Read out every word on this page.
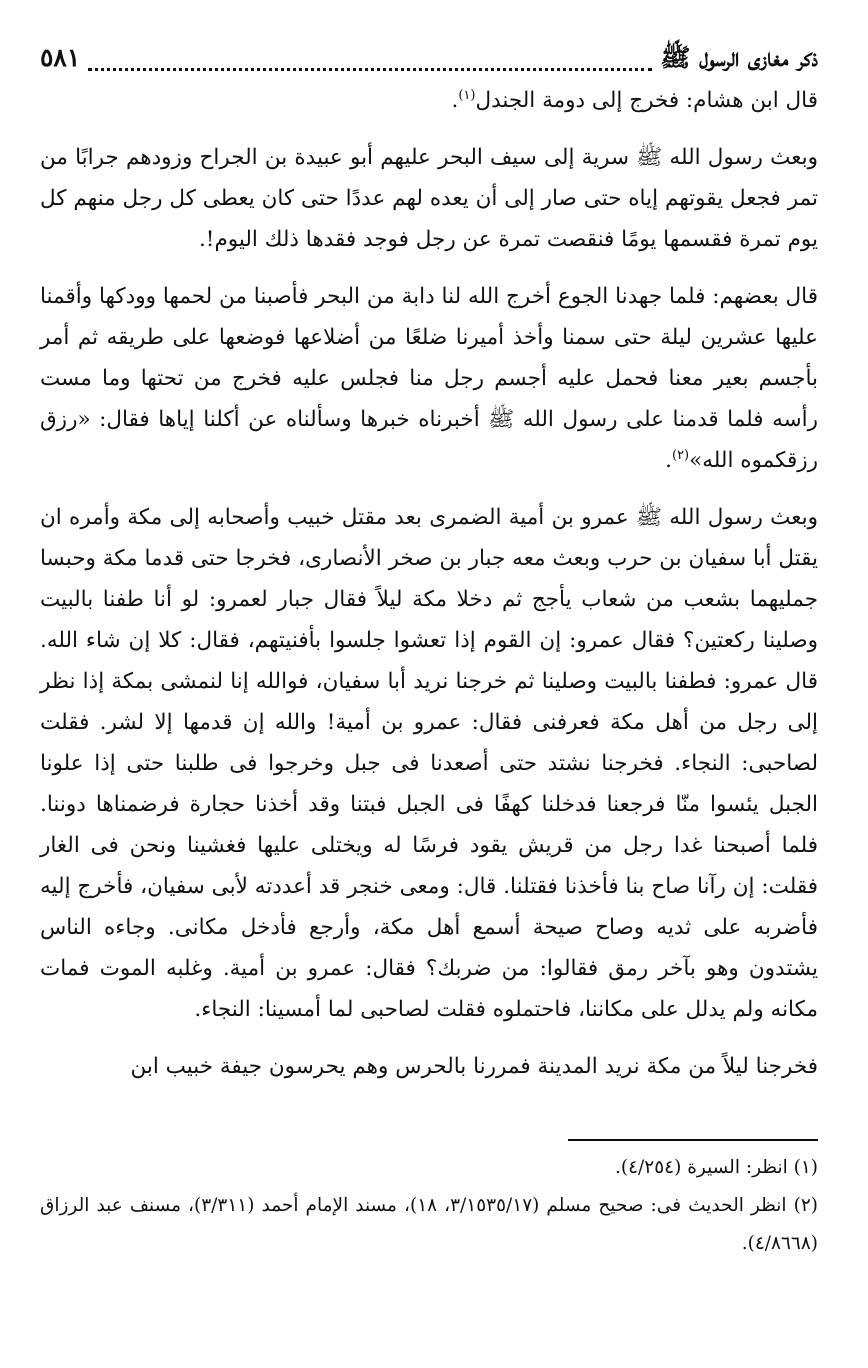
ذكر مغازى الرسول ﷺ
٥٨١

قال ابن هشام: فخرج إلى دومة الجندل$^{(١)}$.

وبعث رسول الله ﷺ سرية إلى سيف البحر عليهم أبو عبيدة بن الجراح وزودهم جرابًا من تمر فجعل يقوتهم إياه حتى صار إلى أن يعده لهم عددًا حتى كان يعطى كل رجل منهم كل يوم تمرة فقسمها يومًا فنقصت تمرة عن رجل فوجد فقدها ذلك اليوم!.

قال بعضهم: فلما جهدنا الجوع أخرج الله لنا دابة من البحر فأصبنا من لحمها وودكها وأقمنا عليها عشرين ليلة حتى سمنا وأخذ أميرنا ضلعًا من أضلاعها فوضعها على طريقه ثم أمر بأجسم بعير معنا فحمل عليه أجسم رجل منا فجلس عليه فخرج من تحتها وما مست رأسه فلما قدمنا على رسول الله ﷺ أخبرناه خبرها وسألناه عن أكلنا إياها فقال: «رزق رزقكموه الله»$^{(٢)}$.

وبعث رسول الله ﷺ عمرو بن أمية الضمرى بعد مقتل خبيب وأصحابه إلى مكة وأمره ان يقتل أبا سفيان بن حرب وبعث معه جبار بن صخر الأنصارى، فخرجا حتى قدما مكة وحبسا جمليهما بشعب من شعاب يأجج ثم دخلا مكة ليلاً فقال جبار لعمرو: لو أنا طفنا بالبيت وصلينا ركعتين؟ فقال عمرو: إن القوم إذا تعشوا جلسوا بأفنيتهم، فقال: كلا إن شاء الله. قال عمرو: فطفنا بالبيت وصلينا ثم خرجنا نريد أبا سفيان، فوالله إنا لنمشى بمكة إذا نظر إلى رجل من أهل مكة فعرفنى فقال: عمرو بن أمية! والله إن قدمها إلا لشر. فقلت لصاحبى: النجاء. فخرجنا نشتد حتى أصعدنا فى جبل وخرجوا فى طلبنا حتى إذا علونا الجبل يئسوا منّا فرجعنا فدخلنا كهفًا فى الجبل فبتنا وقد أخذنا حجارة فرضمناها دوننا. فلما أصبحنا غدا رجل من قريش يقود فرسًا له ويختلى عليها فغشينا ونحن فى الغار فقلت: إن رآنا صاح بنا فأخذنا فقتلنا. قال: ومعى خنجر قد أعددته لأبى سفيان، فأخرج إليه فأضربه على ثديه وصاح صيحة أسمع أهل مكة، وأرجع فأدخل مكانى. وجاءه الناس يشتدون وهو بآخر رمق فقالوا: من ضربك؟ فقال: عمرو بن أمية. وغلبه الموت فمات مكانه ولم يدلل على مكاننا، فاحتملوه فقلت لصاحبى لما أمسينا: النجاء.

فخرجنا ليلاً من مكة نريد المدينة فمررنا بالحرس وهم يحرسون جيفة خبيب ابن

(١) انظر: السيرة (٤/٢٥٤).

(٢) انظر الحديث فى: صحيح مسلم (٣/١٥٣٥/١٧، ١٨)، مسند الإمام أحمد (٣/٣١١)، مسنف عبد الرزاق (٤/٨٦٦٨).
